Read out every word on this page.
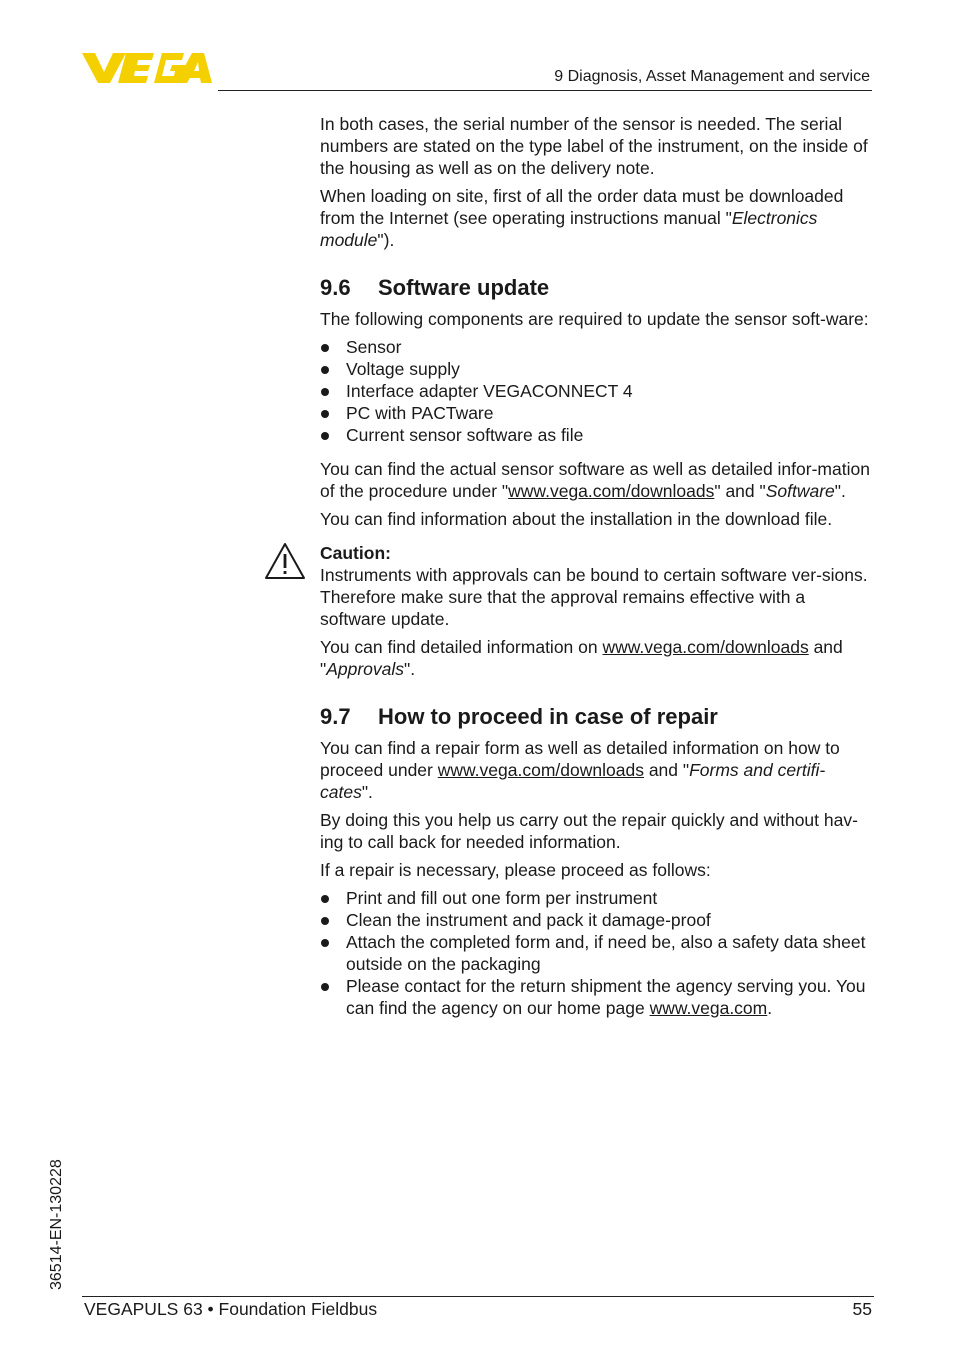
9 Diagnosis, Asset Management and service

In both cases, the serial number of the sensor is needed. The serial numbers are stated on the type label of the instrument, on the inside of the housing as well as on the delivery note.

When loading on site, first of all the order data must be downloaded from the Internet (see operating instructions manual "Electronics module").

9.6 Software update

The following components are required to update the sensor soft-ware:

Sensor
Voltage supply
Interface adapter VEGACONNECT 4
PC with PACTware
Current sensor software as file

You can find the actual sensor software as well as detailed infor-mation of the procedure under "www.vega.com/downloads" and "Software".

You can find information about the installation in the download file.

Caution:

Instruments with approvals can be bound to certain software ver-sions. Therefore make sure that the approval remains effective with a software update.

You can find detailed information on www.vega.com/downloads and "Approvals".

9.7 How to proceed in case of repair

You can find a repair form as well as detailed information on how to proceed under www.vega.com/downloads and "Forms and certifi-cates".

By doing this you help us carry out the repair quickly and without hav-ing to call back for needed information.

If a repair is necessary, please proceed as follows:

Print and fill out one form per instrument
Clean the instrument and pack it damage-proof
Attach the completed form and, if need be, also a safety data sheet outside on the packaging
Please contact for the return shipment the agency serving you. You can find the agency on our home page www.vega.com.
36514-EN-130228
VEGAPULS 63 • Foundation Fieldbus	55
